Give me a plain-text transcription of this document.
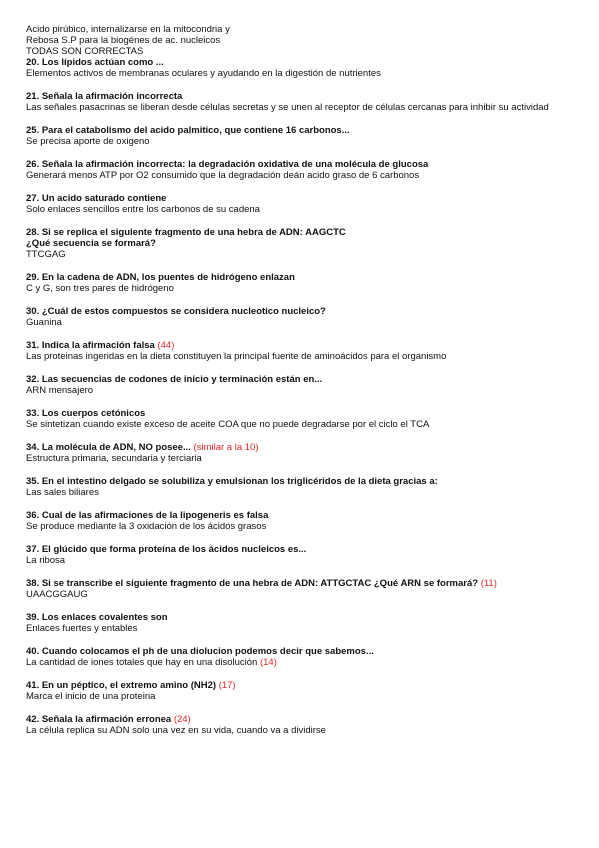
Acido pirúbico, internalizarse en la mitocondria y
Rebosa S.P para la biogénes de ac. nucleicos
TODAS SON CORRECTAS
20. Los lípidos actúan como ...
Elementos activos de membranas oculares y ayudando en la digestión de nutrientes
21. Señala la afirmación incorrecta
Las señales pasacrinas se liberan desde células secretas y se unen al receptor de células cercanas para inhibir su actividad
25. Para el catabolismo del acido palmitico, que contiene 16 carbonos...
Se precisa aporte de oxigeno
26. Señala la afirmación incorrecta: la degradación oxidativa de una molécula de glucosa
Generará menos ATP por O2 consumido que la degradación deán acido graso de 6 carbonos
27. Un acido saturado contiene
Solo enlaces sencillos entre los carbonos de su cadena
28. Si se replica el siguiente fragmento de una hebra de ADN: AAGCTC
¿Qué secuencia se formará?
TTCGAG
29. En la cadena de ADN, los puentes de hidrógeno enlazan
C y G, son tres pares de hidrógeno
30. ¿Cuál de estos compuestos se considera nucleotico nucleico?
Guanina
31. Indica la afirmación falsa (44)
Las proteinas ingeridas en la dieta constituyen la principal fuente de aminoácidos para el organismo
32. Las secuencias de codones de inicio y terminación están en...
ARN mensajero
33. Los cuerpos cetónicos
Se sintetizan cuando existe exceso de aceite COA que no puede degradarse por el ciclo el TCA
34. La molécula de ADN, NO posee... (similar a la 10)
Estructura primaria, secundaria y terciaria
35. En el intestino delgado se solubiliza y emulsionan los triglicéridos de la dieta gracias a:
Las sales biliares
36. Cual de las afirmaciones de la lipogeneris es falsa
Se produce mediante la 3 oxidación de los ácidos grasos
37. El glúcido que forma proteína de los ácidos nucleicos es...
La ribosa
38. Si se transcribe el siguiente fragmento de una hebra de ADN: ATTGCTAC ¿Qué ARN se formará? (11)
UAACGGAUG
39. Los enlaces covalentes son
Enlaces fuertes y entables
40. Cuando colocamos el ph de una diolucion podemos decir que sabemos...
La cantidad de iones totales que hay en una disolución (14)
41. En un péptico, el extremo amino (NH2) (17)
Marca el inicio de una proteina
42. Señala la afirmación erronea (24)
La célula replica su ADN solo una vez en su vida, cuando va a dividirse
